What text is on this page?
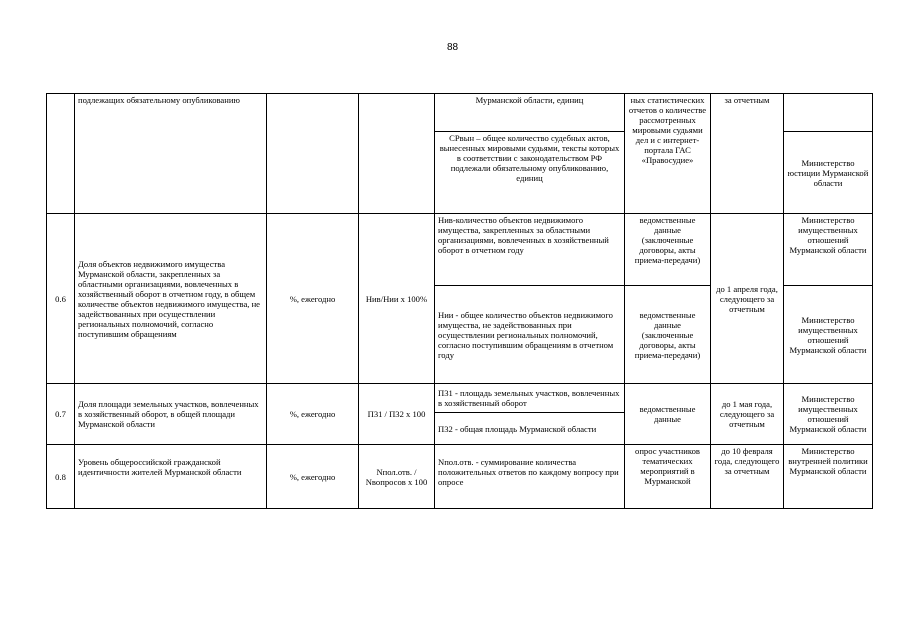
88
	подлежащих обязательному опубликованию			Мурманской области, единиц	ных статистических отчетов о количестве рассмотренных мировыми судьями дел и с интернет-портала ГАС «Правосудие»	за отчетным	
				СРвын – общее количество судебных актов, вынесенных мировыми судьями, тексты которых в соответствии с законодательством РФ подлежали обязательному опубликованию, единиц			Министерство юстиции Мурманской области
0.6	Доля объектов недвижимого имущества Мурманской области, закрепленных за областными организациями, вовлеченных в хозяйственный оборот в отчетном году, в общем количестве объектов недвижимого имущества, не задействованных при осуществлении региональных полномочий, согласно поступившим обращениям	%, ежегодно	Нив/Нии х 100%	Нив-количество объектов недвижимого имущества, закрепленных за областными организациями, вовлеченных в хозяйственный оборот в отчетном году	ведомственные данные (заключенные договоры, акты приема-передачи)	до 1 апреля года, следующего за отчетным	Министерство имущественных отношений Мурманской области
				Нии - общее количество объектов недвижимого имущества, не задействованных при осуществлении региональных полномочий, согласно поступившим обращениям в отчетном году	ведомственные данные (заключенные договоры, акты приема-передачи)		Министерство имущественных отношений Мурманской области
0.7	Доля площади земельных участков, вовлеченных в хозяйственный оборот, в общей площади Мурманской области	%, ежегодно	П31 / П32 х 100	П31 - площадь земельных участков, вовлеченных в хозяйственный оборот	ведомственные данные	до 1 мая года, следующего за отчетным	Министерство имущественных отношений Мурманской области
				П32 - общая площадь Мурманской области			
0.8	Уровень общероссийской гражданской идентичности жителей Мурманской области	%, ежегодно	Nпол.отв. / Nвопросов х 100	Nпол.отв. - суммирование количества положительных ответов по каждому вопросу при опросе	опрос участников тематических мероприятий в Мурманской	до 10 февраля года, следующего за отчетным	Министерство внутренней политики Мурманской области
